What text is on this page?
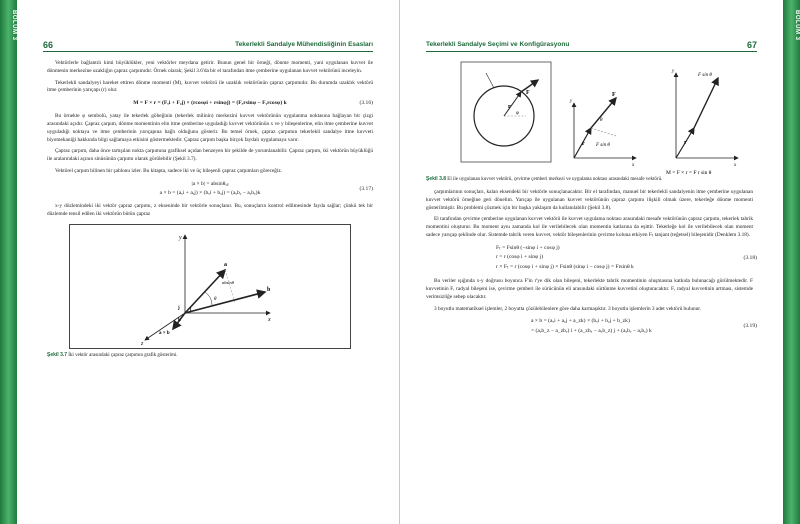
BÖLÜM 3
66	Tekerlekli Sandalye Mühendisliğinin Esasları

Vektörlerle bağlantılı kimi büyüklükler, yeni vektörler meydana getirir. Bunun genel bir örneği, dönme momenti, yani uygulanan kuvvet ile dönmenin merkezine uzaklığın çapraz çarpımıdır. Örnek olarak; Şekil 3.6'da bir el tarafından itme çemberine uygulanan kuvvet vektörünü inceleyin.

Tekerlekli sandalyeyi hareket ettiren dönme momenti (M), kuvvet vektörü ile uzaklık vektörünün çapraz çarpımıdır. Bu durumda uzaklık vektörü itme çemberinin yarıçapı (r) olur.

M = F × r = (Fₓi + Fᵧj) × (rcosφi + rsinφj) = (Fₓrsinφ − Fᵧrcosφ) k	(3.16)

Bu örnekte φ sembolü, yatay ile tekerlek göbeğinin (tekerlek milinin) merkezini kuvvet vektörünün uygulanma noktasına bağlayan bir çizgi arasındaki açıdır. Çapraz çarpım, dönme momentinin elin itme çemberine uyguladığı kuvvet vektörünün x ve y bileşenlerine, elin itme çemberine kuvvet uyguladığı noktaya ve itme çemberinin yarıçapına bağlı olduğunu gösterir. Bu temel örnek, çapraz çarpımın tekerlekli sandalye itme kuvveti biyomekaniği hakkında bilgi sağlamaya etkisini göstermektedir. Çapraz çarpım başka birçok faydalı uygulamaya varır.

Çapraz çarpım, daha önce tartışılan nokta çarpımına grafiksel açıdan benzeyen bir şekilde de yorumlanabilir. Çapraz çarpım, iki vektörün büyüklüğü ile aralarındaki açının sinüsünün çarpımı olarak görülebilir (Şekil 3.7).

Vektörel çarpım bilinen bir şablonu izler. Bu kitapta, sadece iki ve üç bileşenli çapraz çarpımları göreceğiz.

|a × b| = absinθₐᵦ
a × b = (aₓi + aᵧj) × (bₓi + bᵧj) = (aₓbᵧ − aᵧbₓ)k
(3.17)

x-y düzlemindeki iki vektör çapraz çarpımı, z ekseninde bir vektörle sonuçlanır. Bu, sonuçların kontrol edilmesinde fayda sağlar; çünkü tek bir düzlemde tensil edilen iki vektörün bütün çapraz

y
x
z
a
b
θ
absinθ
i
j
k
a × b
Şekil 3.7 İki vektör arasındaki çapraz çarpımın grafik gösterimi.
Tekerlekli Sandalye Seçimi ve Konfigürasyonu	67
F
r
φ
F
r
θ
F sin θ
y
x
F sin θ
r
y
x
M = F × r = F r sin θ
Şekil 3.8 El ile uygulanan kuvvet vektörü, çevirme çemberi merkezi ve uygulama noktası arasındaki mesafe vektörü.

çarpımlarının sonuçları, kalan eksendeki bir vektörle sonuçlanacaktır. Bir el tarafından, manuel bir tekerlekli sandalyenin itme çemberine uygulanan kuvvet vektörü örneğine geri dönelim. Yarıçap ile uygulanan kuvvet vektörünün çapraz çarpımı ilişkili olmak üzere, tekerleğe dönme momenti gösterilmiştir. Bu problemi çözmek için bir başka yaklaşım da kullanılabilir (Şekil 3.8).

El tarafından çevirme çemberine uygulanan kuvvet vektörü ile kuvvet uygulama noktası arasındaki mesafe vektörünün çapraz çarpımı, tekerlek tahrik momentini oluşturur. Bu moment aynı zamanda kol ile verilebilecek olan momentin katlarına da eşittir. Tekerleğe kol ile verilebilecek olan moment sadece yarıçap şeklinde olur. Sistemde tahrik veren kuvvet, vektör bileşenlerinin çevirme koluna etkiyen Fₜ tanjant (teğetsel) bileşenidir (Denklem 3.18).

Fₜ = Fsinθ (−sinφ i + cosφ j)
r = r (cosφ i + sinφ j)
r × Fₜ = r (cosφ i + sinφ j) × Fsinθ (sinφ i − cosφ j) = Frsinθ k
(3.18)

Bu veriler ışığında x-y doğrusu boyunca F'in r'ye dik olan bileşeni, tekerlekte tahrik momentinin oluşmasına katkıda bulunacağı görülmektedir. F kuvvetinin Fᵣ radyal bileşeni ise, çevirme çemberi ile sürücünün eli arasındaki sürtünme kuvvetini oluşturacaktır. Fᵣ radyal kuvvetinin artması, sistemde verimsizliğe sebep olacaktır.

3 boyutlu matematiksel işlemler, 2 boyutta çözülebilenlere göre daha karmaşıktır. 3 boyutlu işlemlerin 3 adet vektörü bulunur.

a × b = (aₓi + aᵧj + a_zk) × (bₓi + bᵧj + b_zk)
= (aᵧb_z − a_zbᵧ) i + (a_zbₓ − aₓb_z) j + (aₓbᵧ − aᵧbₓ) k
(3.19)
BÖLÜM 3
